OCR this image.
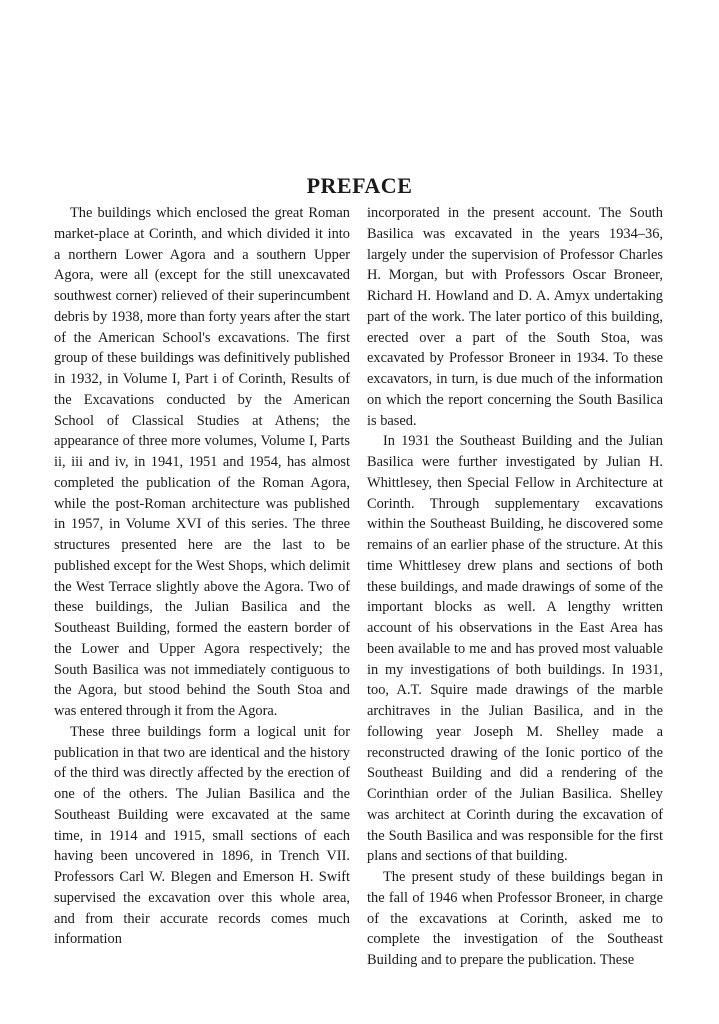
PREFACE

The buildings which enclosed the great Roman market-place at Corinth, and which divided it into a northern Lower Agora and a southern Upper Agora, were all (except for the still unexcavated southwest corner) relieved of their superincumbent debris by 1938, more than forty years after the start of the American School's excavations. The first group of these buildings was definitively published in 1932, in Volume I, Part i of Corinth, Results of the Excavations conducted by the American School of Classical Studies at Athens; the appearance of three more volumes, Volume I, Parts ii, iii and iv, in 1941, 1951 and 1954, has almost completed the publication of the Roman Agora, while the post-Roman architecture was published in 1957, in Volume XVI of this series. The three structures presented here are the last to be published except for the West Shops, which delimit the West Terrace slightly above the Agora. Two of these buildings, the Julian Basilica and the Southeast Building, formed the eastern border of the Lower and Upper Agora respectively; the South Basilica was not immediately contiguous to the Agora, but stood behind the South Stoa and was entered through it from the Agora.

These three buildings form a logical unit for publication in that two are identical and the history of the third was directly affected by the erection of one of the others. The Julian Basilica and the Southeast Building were excavated at the same time, in 1914 and 1915, small sections of each having been uncovered in 1896, in Trench VII. Professors Carl W. Blegen and Emerson H. Swift supervised the excavation over this whole area, and from their accurate records comes much information

incorporated in the present account. The South Basilica was excavated in the years 1934–36, largely under the supervision of Professor Charles H. Morgan, but with Professors Oscar Broneer, Richard H. Howland and D. A. Amyx undertaking part of the work. The later portico of this building, erected over a part of the South Stoa, was excavated by Professor Broneer in 1934. To these excavators, in turn, is due much of the information on which the report concerning the South Basilica is based.

In 1931 the Southeast Building and the Julian Basilica were further investigated by Julian H. Whittlesey, then Special Fellow in Architecture at Corinth. Through supplementary excavations within the Southeast Building, he discovered some remains of an earlier phase of the structure. At this time Whittlesey drew plans and sections of both these buildings, and made drawings of some of the important blocks as well. A lengthy written account of his observations in the East Area has been available to me and has proved most valuable in my investigations of both buildings. In 1931, too, A.T. Squire made drawings of the marble architraves in the Julian Basilica, and in the following year Joseph M. Shelley made a reconstructed drawing of the Ionic portico of the Southeast Building and did a rendering of the Corinthian order of the Julian Basilica. Shelley was architect at Corinth during the excavation of the South Basilica and was responsible for the first plans and sections of that building.

The present study of these buildings began in the fall of 1946 when Professor Broneer, in charge of the excavations at Corinth, asked me to complete the investigation of the Southeast Building and to prepare the publication. These
